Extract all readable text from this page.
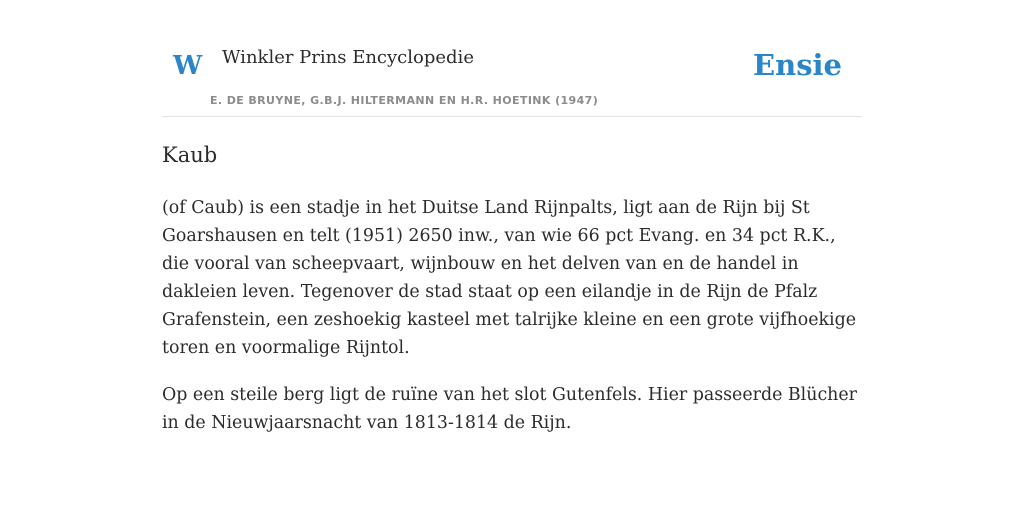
W Winkler Prins Encyclopedie
E. DE BRUYNE, G.B.J. HILTERMANN EN H.R. HOETINK (1947)
Ensie
Kaub

(of Caub) is een stadje in het Duitse Land Rijnpalts, ligt aan de Rijn bij St Goarshausen en telt (1951) 2650 inw., van wie 66 pct Evang. en 34 pct R.K., die vooral van scheepvaart, wijnbouw en het delven van en de handel in dakleien leven. Tegenover de stad staat op een eilandje in de Rijn de Pfalz Grafenstein, een zeshoekig kasteel met talrijke kleine en een grote vijfhoekige toren en voormalige Rijntol.

Op een steile berg ligt de ruïne van het slot Gutenfels. Hier passeerde Blücher in de Nieuwjaarsnacht van 1813-1814 de Rijn.
